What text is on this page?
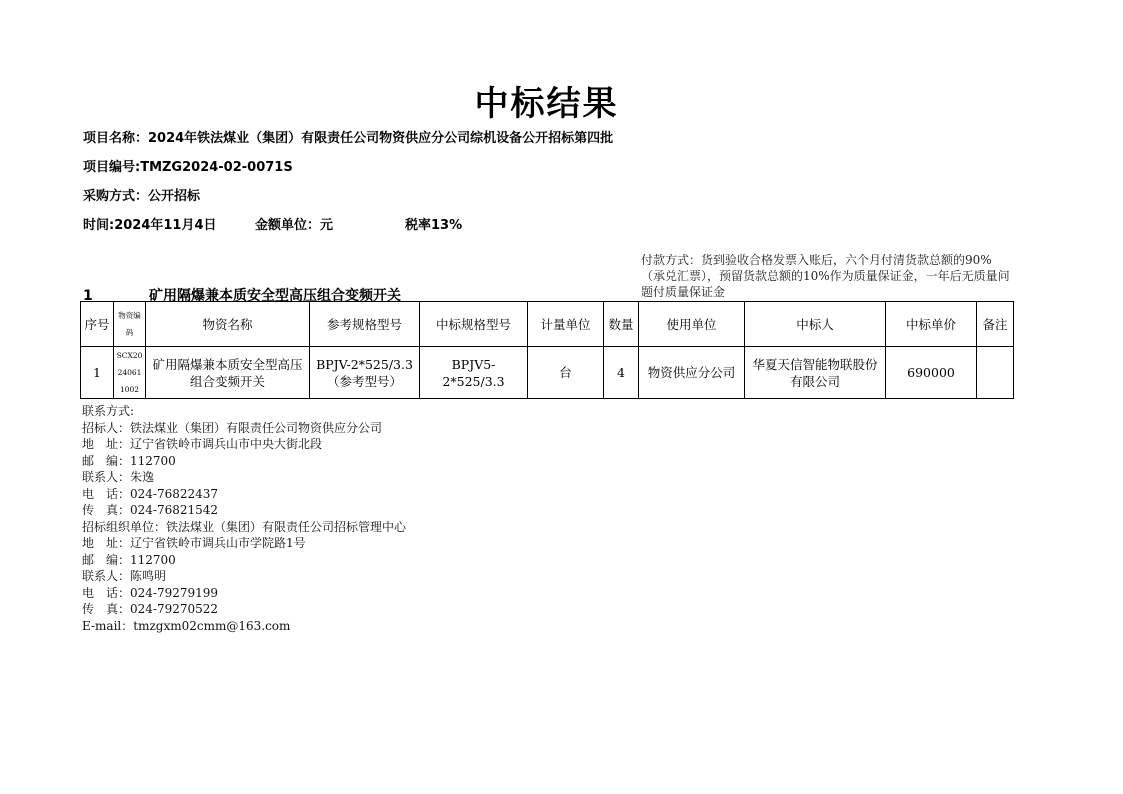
中标结果
项目名称：2024年铁法煤业（集团）有限责任公司物资供应分公司综机设备公开招标第四批
项目编号:TMZG2024-02-0071S
采购方式：公开招标
时间:2024年11月4日	金额单位：元	税率13%
付款方式：货到验收合格发票入账后，六个月付清货款总额的90%（承兑汇票），预留货款总额的10%作为质量保证金，一年后无质量问题付质量保证金
1	矿用隔爆兼本质安全型高压组合变频开关
序号	物资编码	物资名称	参考规格型号	中标规格型号	计量单位	数量	使用单位	中标人	中标单价	备注
1	SCX20240611002	矿用隔爆兼本质安全型高压组合变频开关	BPJV-2*525/3.3（参考型号）	BPJV5-2*525/3.3	台	4	物资供应分公司	华夏天信智能物联股份有限公司	690000	
联系方式:
招标人：铁法煤业（集团）有限责任公司物资供应分公司
地　址：辽宁省铁岭市调兵山市中央大街北段
邮　编：112700
联系人：朱逸
电　话：024-76822437
传　真：024-76821542
招标组织单位：铁法煤业（集团）有限责任公司招标管理中心
地　址：辽宁省铁岭市调兵山市学院路1号
邮　编：112700
联系人：陈鸣明
电　话：024-79279199
传　真：024-79270522
E-mail：tmzgxm02cmm@163.com
